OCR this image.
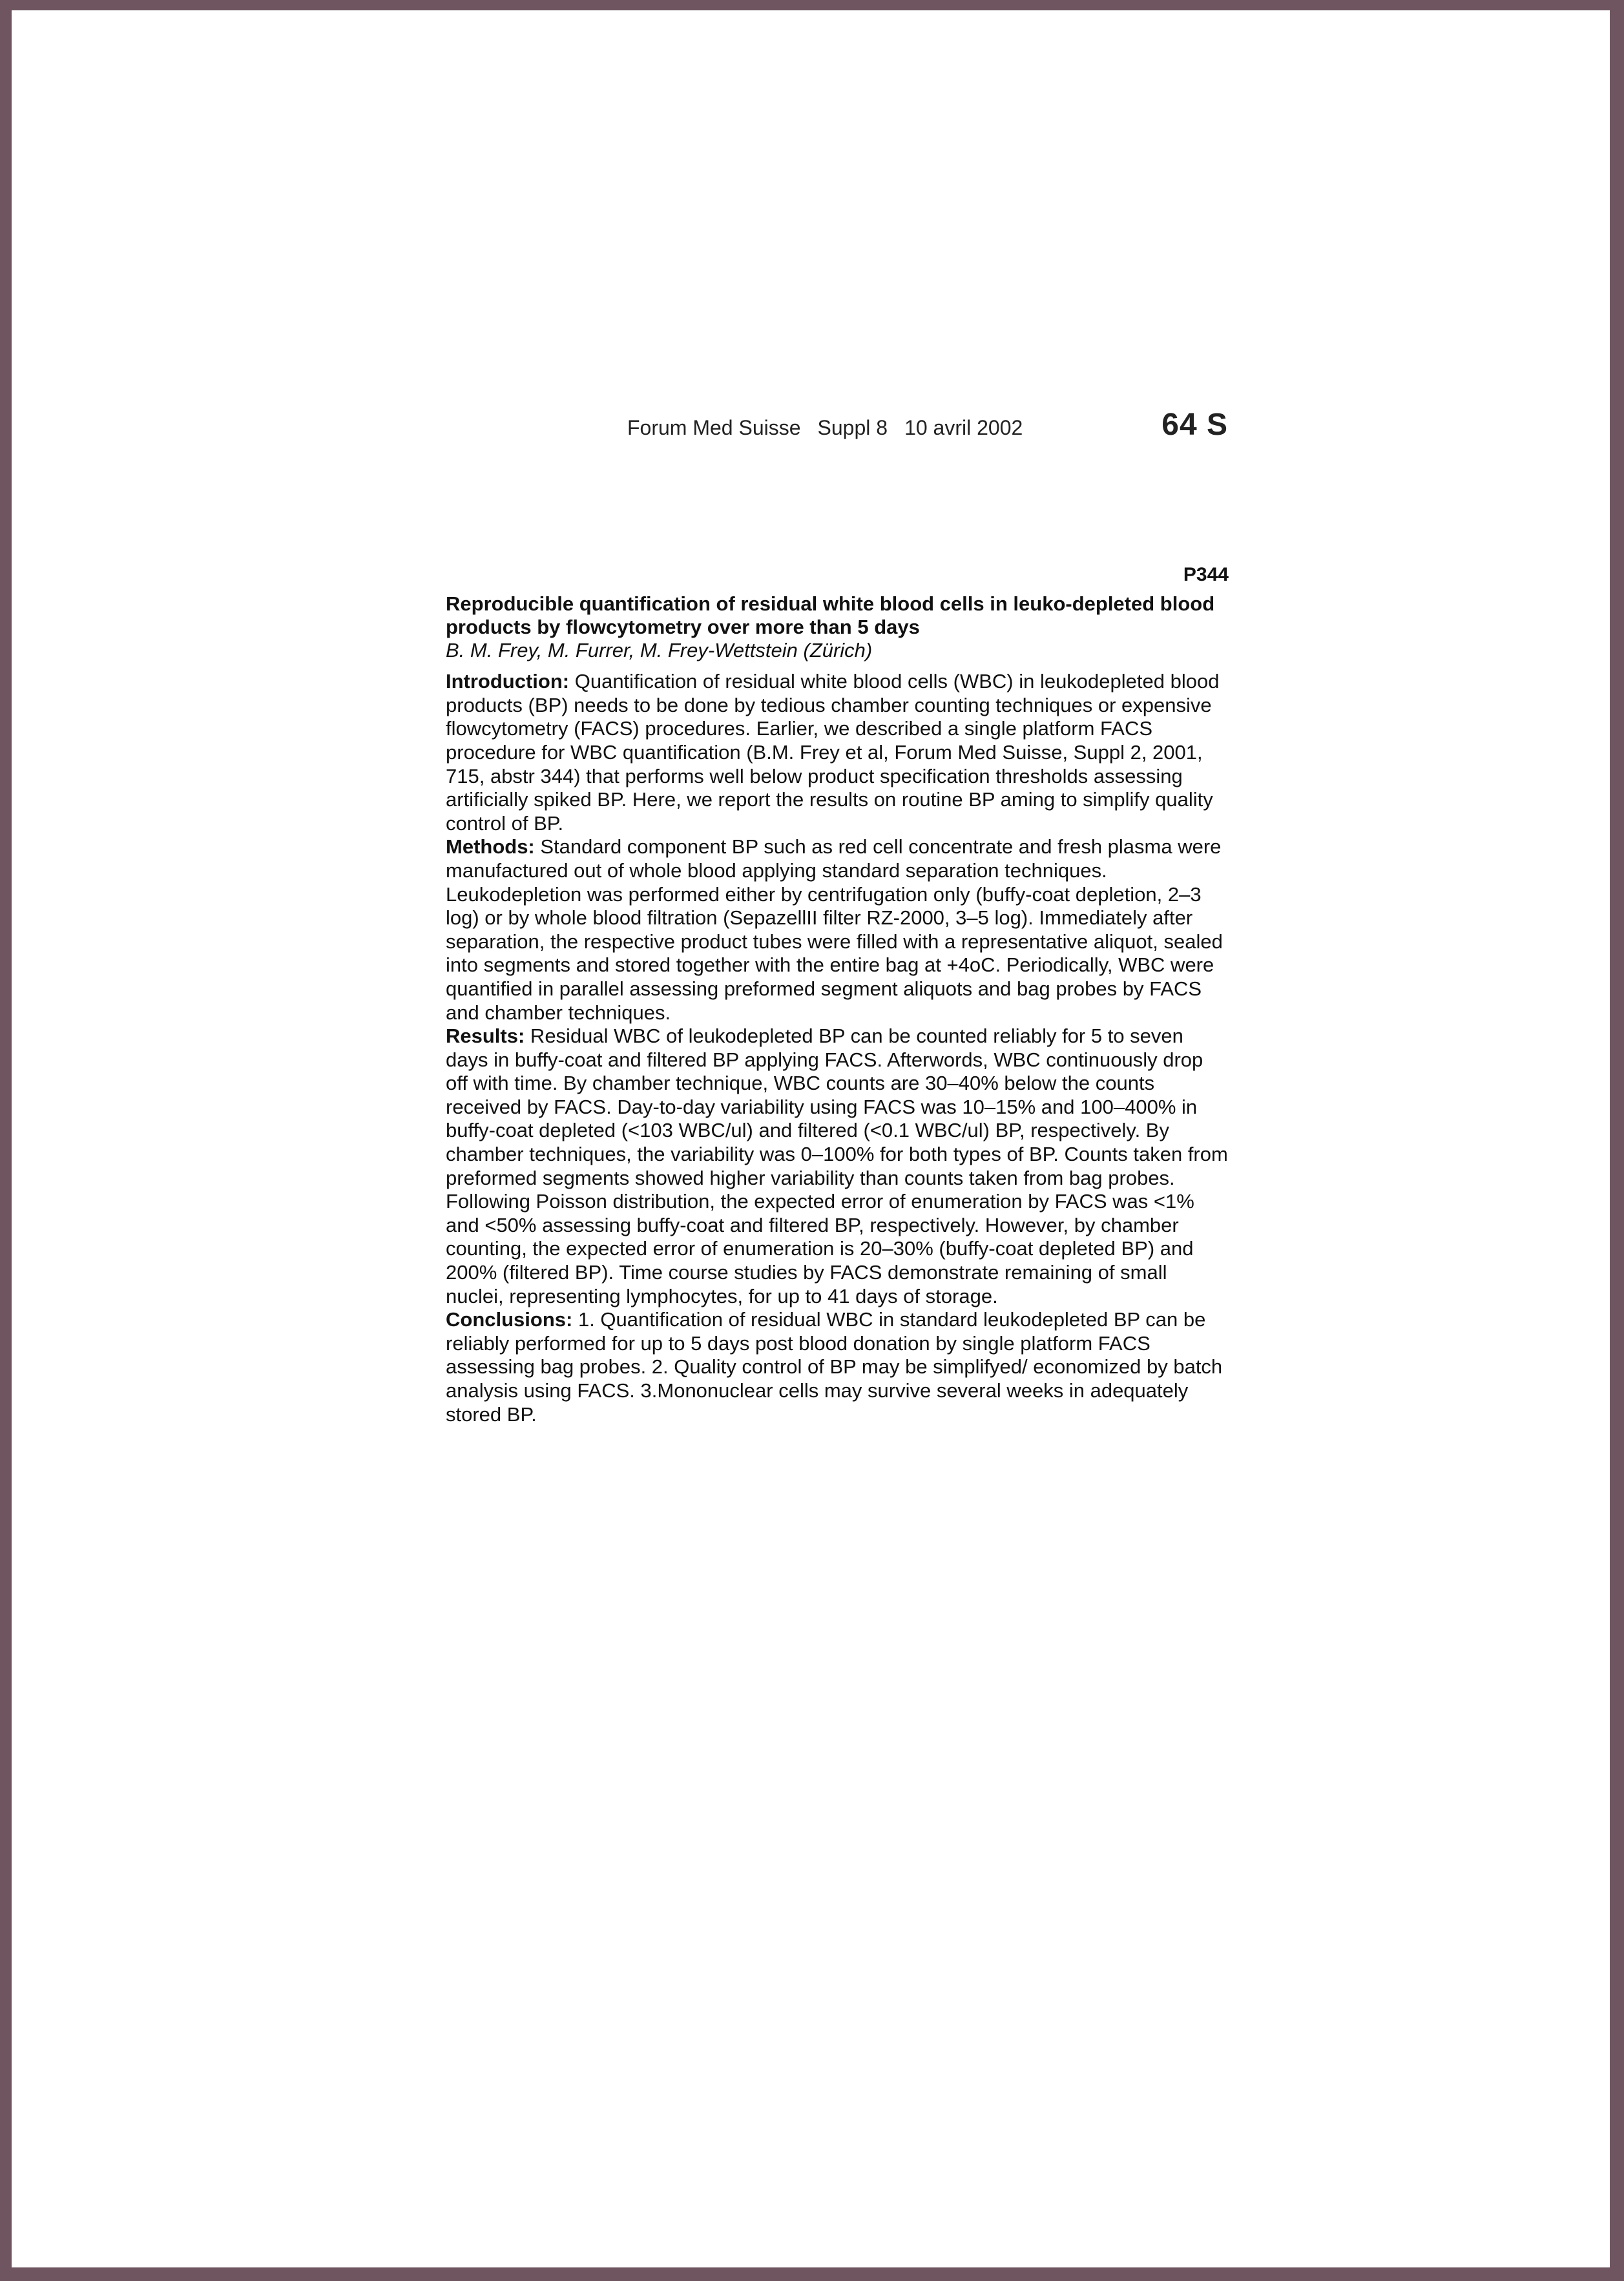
Forum Med Suisse Suppl 8 10 avril 2002	64 S
P344
Reproducible quantification of residual white blood cells in leuko-depleted blood products by flowcytometry over more than 5 days
B. M. Frey, M. Furrer, M. Frey-Wettstein (Zürich)
Introduction: Quantification of residual white blood cells (WBC) in leukodepleted blood products (BP) needs to be done by tedious chamber counting techniques or expensive flowcytometry (FACS) procedures. Earlier, we described a single platform FACS procedure for WBC quantification (B.M. Frey et al, Forum Med Suisse, Suppl 2, 2001, 715, abstr 344) that performs well below product specification thresholds assessing artificially spiked BP. Here, we report the results on routine BP aming to simplify quality control of BP.
Methods: Standard component BP such as red cell concentrate and fresh plasma were manufactured out of whole blood applying standard separation techniques. Leukodepletion was performed either by centrifugation only (buffy-coat depletion, 2–3 log) or by whole blood filtration (SepazellII filter RZ-2000, 3–5 log). Immediately after separation, the respective product tubes were filled with a representative aliquot, sealed into segments and stored together with the entire bag at +4oC. Periodically, WBC were quantified in parallel assessing preformed segment aliquots and bag probes by FACS and chamber techniques.
Results: Residual WBC of leukodepleted BP can be counted reliably for 5 to seven days in buffy-coat and filtered BP applying FACS. Afterwords, WBC continuously drop off with time. By chamber technique, WBC counts are 30–40% below the counts received by FACS. Day-to-day variability using FACS was 10–15% and 100–400% in buffy-coat depleted (<103 WBC/ul) and filtered (<0.1 WBC/ul) BP, respectively. By chamber techniques, the variability was 0–100% for both types of BP. Counts taken from preformed segments showed higher variability than counts taken from bag probes. Following Poisson distribution, the expected error of enumeration by FACS was <1% and <50% assessing buffy-coat and filtered BP, respectively. However, by chamber counting, the expected error of enumeration is 20–30% (buffy-coat depleted BP) and 200% (filtered BP). Time course studies by FACS demonstrate remaining of small nuclei, representing lymphocytes, for up to 41 days of storage.
Conclusions: 1. Quantification of residual WBC in standard leukodepleted BP can be reliably performed for up to 5 days post blood donation by single platform FACS assessing bag probes. 2. Quality control of BP may be simplifyed/ economized by batch analysis using FACS. 3.Mononuclear cells may survive several weeks in adequately stored BP.
